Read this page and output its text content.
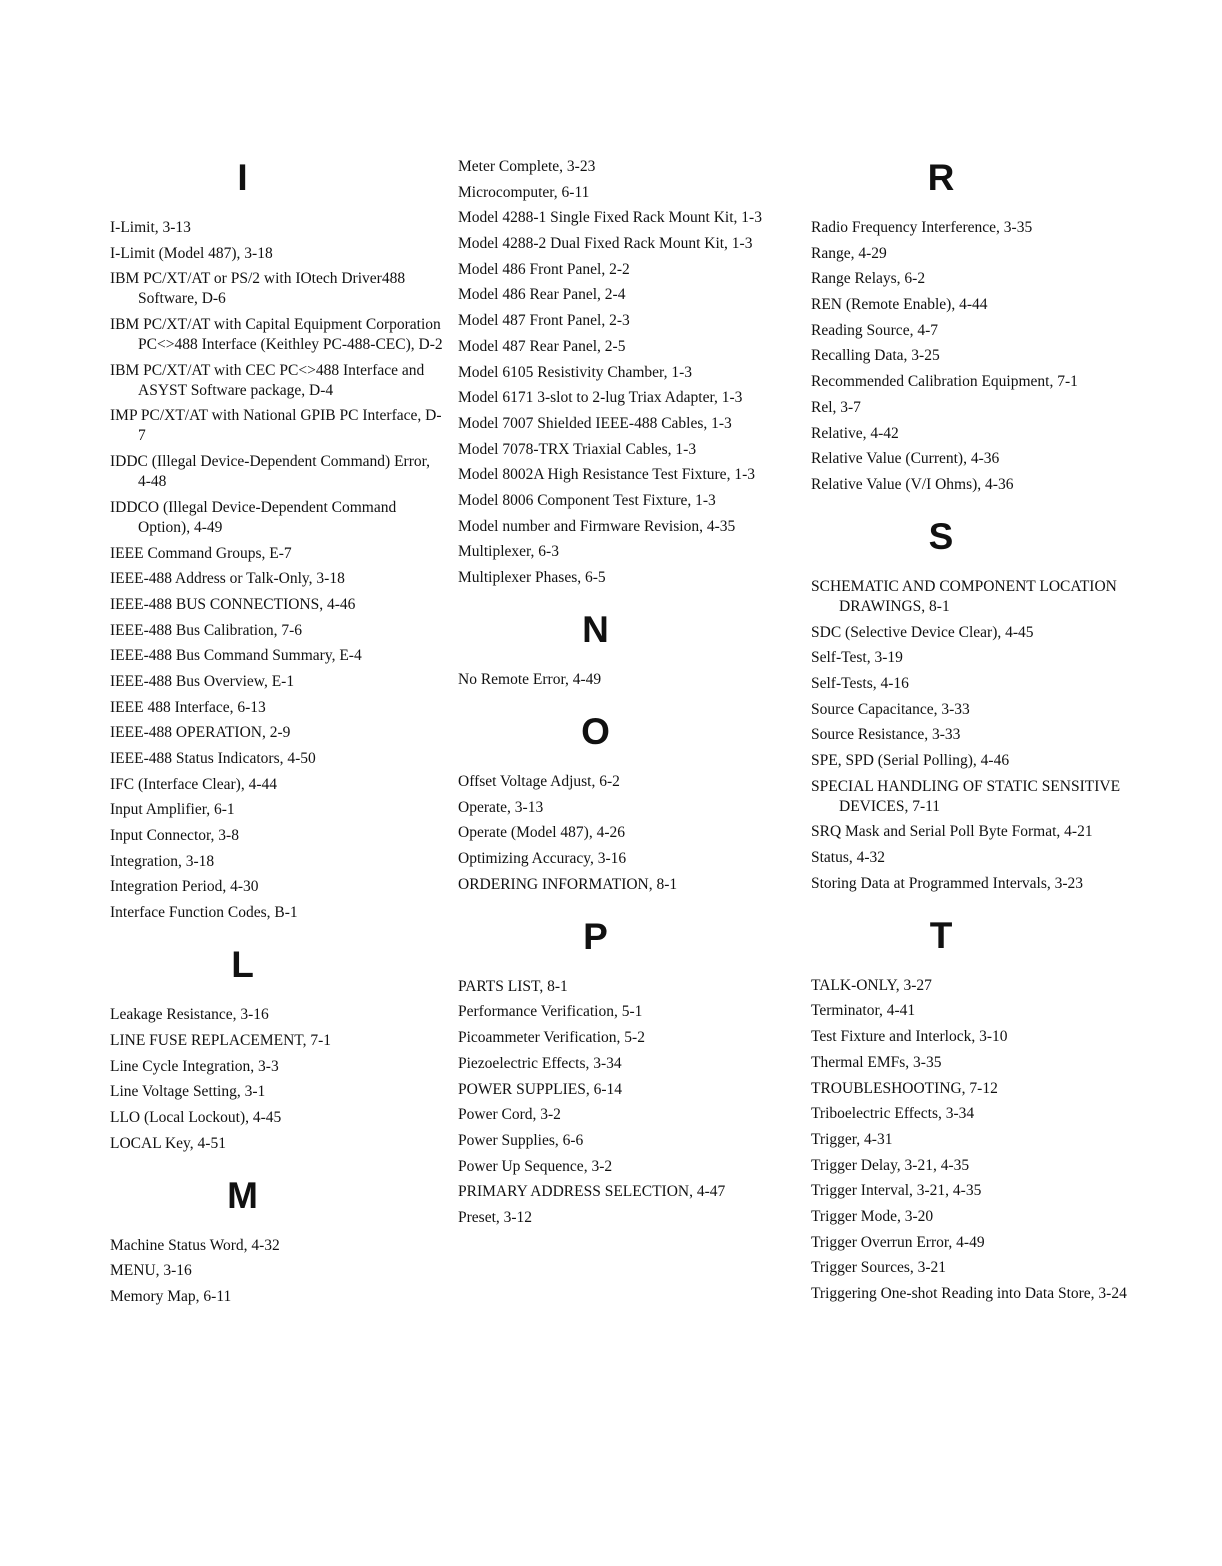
I
I-Limit, 3-13
I-Limit (Model 487), 3-18
IBM PC/XT/AT or PS/2 with IOtech Driver488 Software, D-6
IBM PC/XT/AT with Capital Equipment Corporation PC<>488 Interface (Keithley PC-488-CEC), D-2
IBM PC/XT/AT with CEC PC<>488 Interface and ASYST Software package, D-4
IMP PC/XT/AT with National GPIB PC Interface, D-7
IDDC (Illegal Device-Dependent Command) Error, 4-48
IDDCO (Illegal Device-Dependent Command Option), 4-49
IEEE Command Groups, E-7
IEEE-488 Address or Talk-Only, 3-18
IEEE-488 BUS CONNECTIONS, 4-46
IEEE-488 Bus Calibration, 7-6
IEEE-488 Bus Command Summary, E-4
IEEE-488 Bus Overview, E-1
IEEE 488 Interface, 6-13
IEEE-488 OPERATION, 2-9
IEEE-488 Status Indicators, 4-50
IFC (Interface Clear), 4-44
Input Amplifier, 6-1
Input Connector, 3-8
Integration, 3-18
Integration Period, 4-30
Interface Function Codes, B-1
L
Leakage Resistance, 3-16
LINE FUSE REPLACEMENT, 7-1
Line Cycle Integration, 3-3
Line Voltage Setting, 3-1
LLO (Local Lockout), 4-45
LOCAL Key, 4-51
M
Machine Status Word, 4-32
MENU, 3-16
Memory Map, 6-11
Meter Complete, 3-23
Microcomputer, 6-11
Model 4288-1 Single Fixed Rack Mount Kit, 1-3
Model 4288-2 Dual Fixed Rack Mount Kit, 1-3
Model 486 Front Panel, 2-2
Model 486 Rear Panel, 2-4
Model 487 Front Panel, 2-3
Model 487 Rear Panel, 2-5
Model 6105 Resistivity Chamber, 1-3
Model 6171 3-slot to 2-lug Triax Adapter, 1-3
Model 7007 Shielded IEEE-488 Cables, 1-3
Model 7078-TRX Triaxial Cables, 1-3
Model 8002A High Resistance Test Fixture, 1-3
Model 8006 Component Test Fixture, 1-3
Model number and Firmware Revision, 4-35
Multiplexer, 6-3
Multiplexer Phases, 6-5
N
No Remote Error, 4-49
O
Offset Voltage Adjust, 6-2
Operate, 3-13
Operate (Model 487), 4-26
Optimizing Accuracy, 3-16
ORDERING INFORMATION, 8-1
P
PARTS LIST, 8-1
Performance Verification, 5-1
Picoammeter Verification, 5-2
Piezoelectric Effects, 3-34
POWER SUPPLIES, 6-14
Power Cord, 3-2
Power Supplies, 6-6
Power Up Sequence, 3-2
PRIMARY ADDRESS SELECTION, 4-47
Preset, 3-12
R
Radio Frequency Interference, 3-35
Range, 4-29
Range Relays, 6-2
REN (Remote Enable), 4-44
Reading Source, 4-7
Recalling Data, 3-25
Recommended Calibration Equipment, 7-1
Rel, 3-7
Relative, 4-42
Relative Value (Current), 4-36
Relative Value (V/I Ohms), 4-36
S
SCHEMATIC AND COMPONENT LOCATION DRAWINGS, 8-1
SDC (Selective Device Clear), 4-45
Self-Test, 3-19
Self-Tests, 4-16
Source Capacitance, 3-33
Source Resistance, 3-33
SPE, SPD (Serial Polling), 4-46
SPECIAL HANDLING OF STATIC SENSITIVE DEVICES, 7-11
SRQ Mask and Serial Poll Byte Format, 4-21
Status, 4-32
Storing Data at Programmed Intervals, 3-23
T
TALK-ONLY, 3-27
Terminator, 4-41
Test Fixture and Interlock, 3-10
Thermal EMFs, 3-35
TROUBLESHOOTING, 7-12
Triboelectric Effects, 3-34
Trigger, 4-31
Trigger Delay, 3-21, 4-35
Trigger Interval, 3-21, 4-35
Trigger Mode, 3-20
Trigger Overrun Error, 4-49
Trigger Sources, 3-21
Triggering One-shot Reading into Data Store, 3-24
